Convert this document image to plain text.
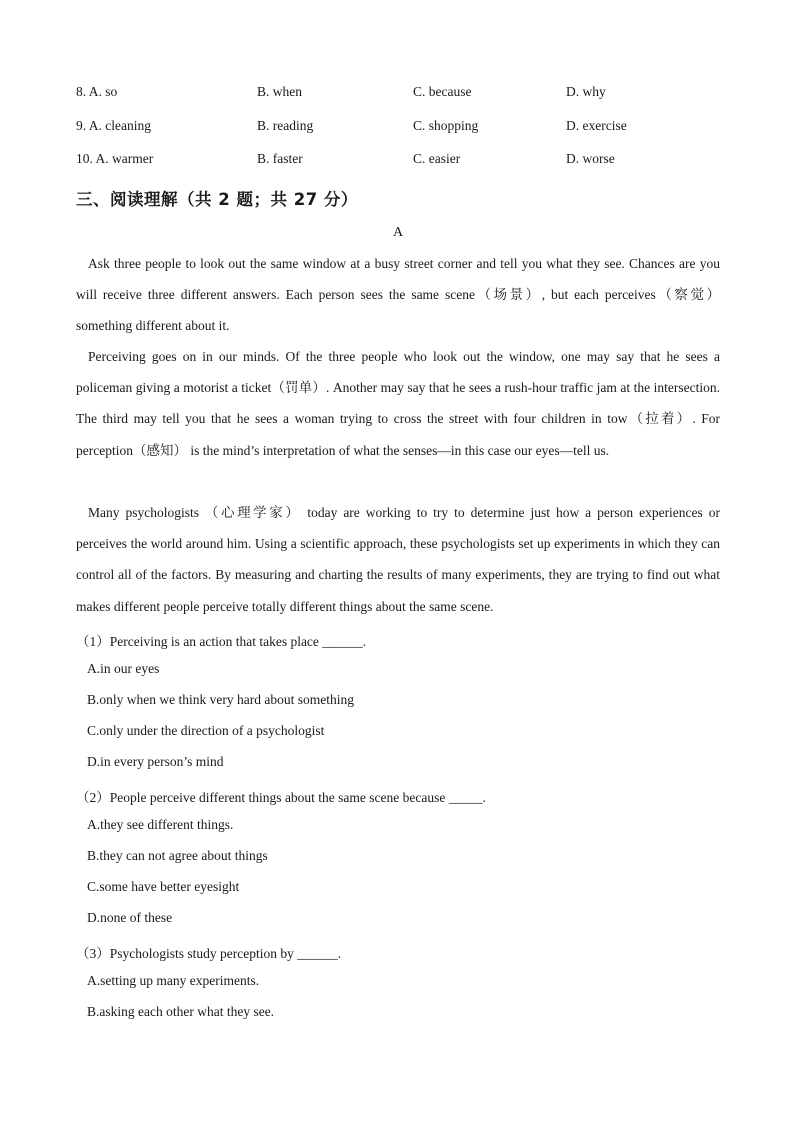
8. A. so	B. when	C. because	D. why
9. A. cleaning	B. reading	C. shopping	D. exercise
10. A. warmer	B. faster	C. easier	D. worse
三、阅读理解（共 2 题；共 27 分）
A

Ask three people to look out the same window at a busy street corner and tell you what they see. Chances are you will receive three different answers. Each person sees the same scene（场景）, but each perceives（察觉）something different about it.

Perceiving goes on in our minds. Of the three people who look out the window, one may say that he sees a policeman giving a motorist a ticket（罚单）. Another may say that he sees a rush-hour traffic jam at the intersection. The third may tell you that he sees a woman trying to cross the street with four children in tow（拉着）. For perception（感知） is the mind’s interpretation of what the senses—in this case our eyes—tell us.

Many psychologists （心理学家） today are working to try to determine just how a person experiences or perceives the world around him. Using a scientific approach, these psychologists set up experiments in which they can control all of the factors. By measuring and charting the results of many experiments, they are trying to find out what makes different people perceive totally different things about the same scene.

（1）Perceiving is an action that takes place ______.
A.in our eyes
B.only when we think very hard about something
C.only under the direction of a psychologist
D.in every person’s mind
（2）People perceive different things about the same scene because _____.
A.they see different things.
B.they can not agree about things
C.some have better eyesight
D.none of these
（3）Psychologists study perception by ______.
A.setting up many experiments.
B.asking each other what they see.
